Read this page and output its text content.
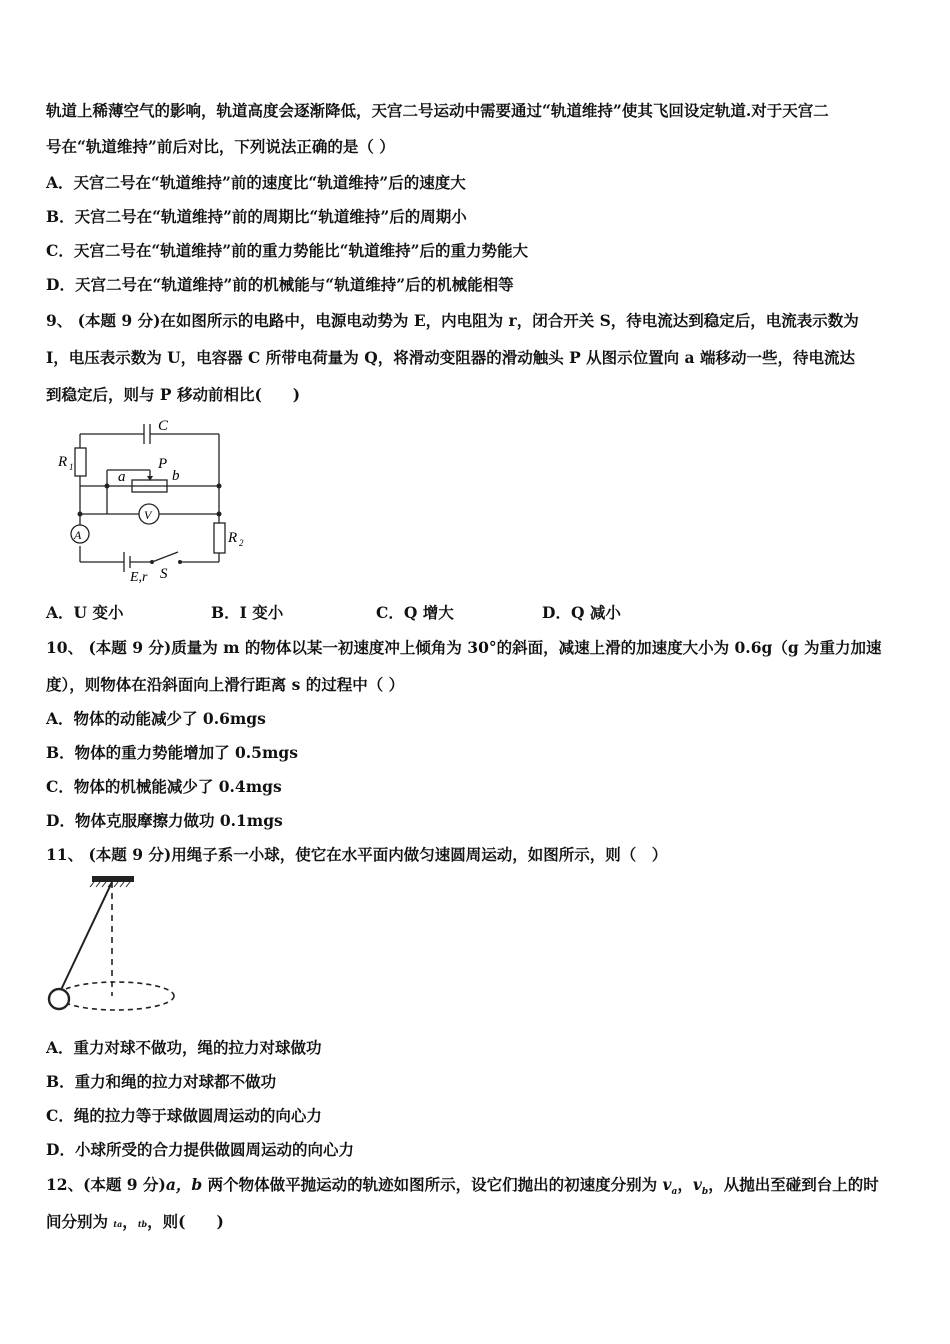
轨道上稀薄空气的影响，轨道高度会逐渐降低，天宫二号运动中需要通过“轨道维持”使其飞回设定轨道.对于天宫二
号在“轨道维持”前后对比，下列说法正确的是（ ）
A．天宫二号在“轨道维持”前的速度比“轨道维持”后的速度大
B．天宫二号在“轨道维持”前的周期比“轨道维持”后的周期小
C．天宫二号在“轨道维持”前的重力势能比“轨道维持”后的重力势能大
D．天宫二号在“轨道维持”前的机械能与“轨道维持”后的机械能相等
9、 (本题 9 分)在如图所示的电路中，电源电动势为 E，内电阻为 r，闭合开关 S，待电流达到稳定后，电流表示数为
I，电压表示数为 U，电容器 C 所带电荷量为 Q，将滑动变阻器的滑动触头 P 从图示位置向 a 端移动一些，待电流达
到稳定后，则与 P 移动前相比(　　)
C
R 1
a
P
b
V
A	R 2
E,r S
A．U 变小	B．I 变小	C．Q 增大	D．Q 减小
10、 (本题 9 分)质量为 m 的物体以某一初速度冲上倾角为 30°的斜面，减速上滑的加速度大小为 0.6g（g 为重力加速
度），则物体在沿斜面向上滑行距离 s 的过程中（ ）
A．物体的动能减少了 0.6mgs
B．物体的重力势能增加了 0.5mgs
C．物体的机械能减少了 0.4mgs
D．物体克服摩擦力做功 0.1mgs
11、 (本题 9 分)用绳子系一小球，使它在水平面内做匀速圆周运动，如图所示，则（　）
A．重力对球不做功，绳的拉力对球做功
B．重力和绳的拉力对球都不做功
C．绳的拉力等于球做圆周运动的向心力
D．小球所受的合力提供做圆周运动的向心力
12、(本题 9 分)a，b 两个物体做平抛运动的轨迹如图所示，设它们抛出的初速度分别为 $v_a$，$v_b$，从抛出至碰到台上的时
间分别为 ta，tb，则(　　)
